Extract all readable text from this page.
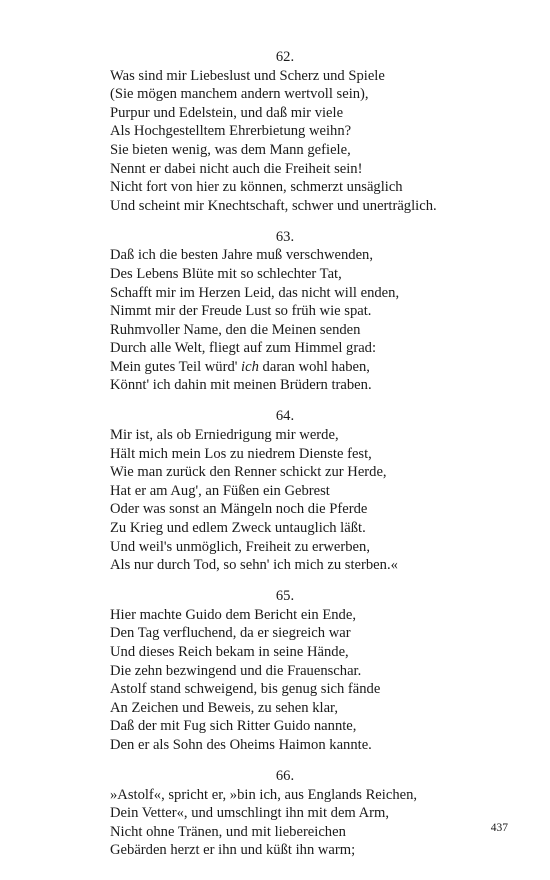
62.
Was sind mir Liebeslust und Scherz und Spiele
(Sie mögen manchem andern wertvoll sein),
Purpur und Edelstein, und daß mir viele
Als Hochgestelltem Ehrerbietung weihn?
Sie bieten wenig, was dem Mann gefiele,
Nennt er dabei nicht auch die Freiheit sein!
Nicht fort von hier zu können, schmerzt unsäglich
Und scheint mir Knechtschaft, schwer und unerträglich.
63.
Daß ich die besten Jahre muß verschwenden,
Des Lebens Blüte mit so schlechter Tat,
Schafft mir im Herzen Leid, das nicht will enden,
Nimmt mir der Freude Lust so früh wie spat.
Ruhmvoller Name, den die Meinen senden
Durch alle Welt, fliegt auf zum Himmel grad:
Mein gutes Teil würd' ich daran wohl haben,
Könnt' ich dahin mit meinen Brüdern traben.
64.
Mir ist, als ob Erniedrigung mir werde,
Hält mich mein Los zu niedrem Dienste fest,
Wie man zurück den Renner schickt zur Herde,
Hat er am Aug', an Füßen ein Gebrest
Oder was sonst an Mängeln noch die Pferde
Zu Krieg und edlem Zweck untauglich läßt.
Und weil's unmöglich, Freiheit zu erwerben,
Als nur durch Tod, so sehn' ich mich zu sterben.«
65.
Hier machte Guido dem Bericht ein Ende,
Den Tag verfluchend, da er siegreich war
Und dieses Reich bekam in seine Hände,
Die zehn bezwingend und die Frauenschar.
Astolf stand schweigend, bis genug sich fände
An Zeichen und Beweis, zu sehen klar,
Daß der mit Fug sich Ritter Guido nannte,
Den er als Sohn des Oheims Haimon kannte.
66.
»Astolf«, spricht er, »bin ich, aus Englands Reichen,
Dein Vetter«, und umschlingt ihn mit dem Arm,
Nicht ohne Tränen, und mit liebereichen
Gebärden herzt er ihn und küßt ihn warm;
437
